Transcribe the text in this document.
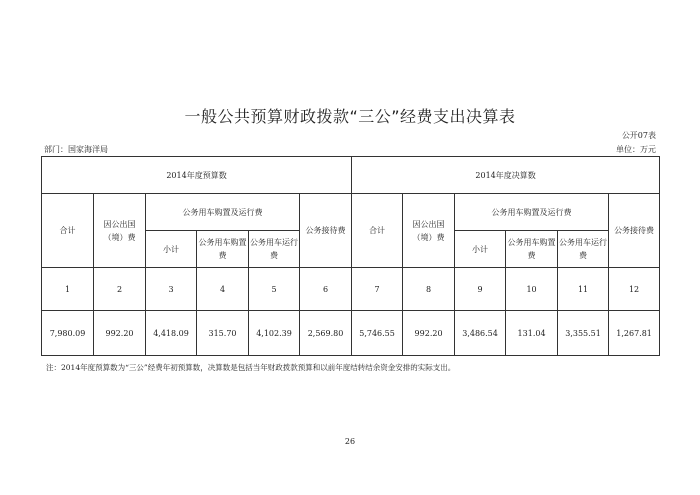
一般公共预算财政拨款“三公”经费支出决算表
公开07表
部门：国家海洋局	单位：万元
2014年度预算数						2014年度决算数					
合计	因公出国（境）费	公务用车购置及运行费			公务接待费	合计	因公出国（境）费	公务用车购置及运行费			公务接待费
		小计	公务用车购置费	公务用车运行费				小计	公务用车购置费	公务用车运行费	
1	2	3	4	5	6	7	8	9	10	11	12
7,980.09	992.20	4,418.09	315.70	4,102.39	2,569.80	5,746.55	992.20	3,486.54	131.04	3,355.51	1,267.81
注：2014年度预算数为“三公”经费年初预算数，决算数是包括当年财政拨款预算和以前年度结转结余资金安排的实际支出。
26
